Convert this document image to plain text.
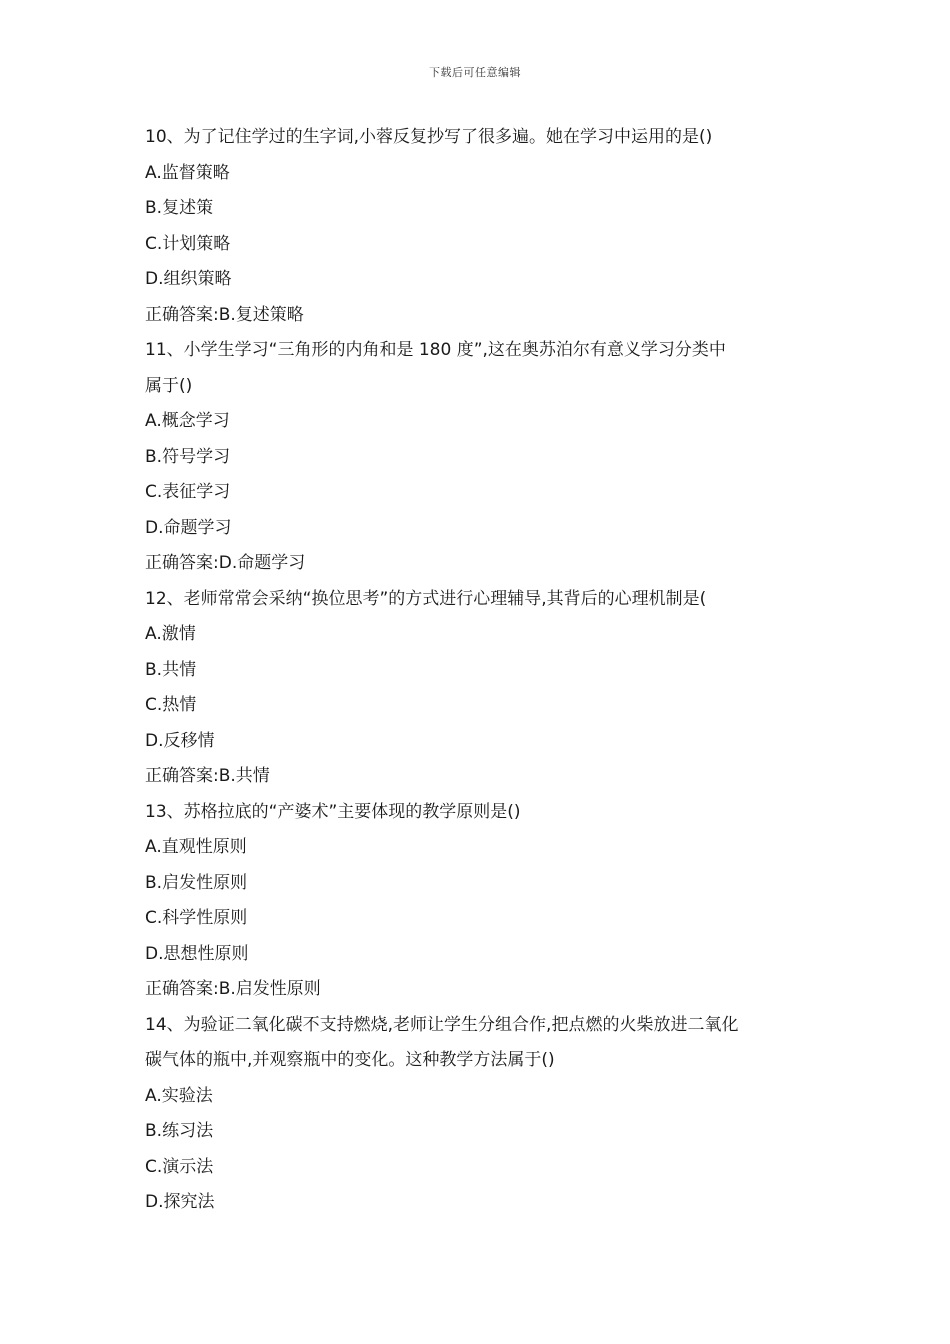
下载后可任意编辑

10、为了记住学过的生字词,小蓉反复抄写了很多遍。她在学习中运用的是()

A.监督策略

B.复述策

C.计划策略

D.组织策略

正确答案:B.复述策略

11、小学生学习“三角形的内角和是 180 度”,这在奥苏泊尔有意义学习分类中

属于()

A.概念学习

B.符号学习

C.表征学习

D.命题学习

正确答案:D.命题学习

12、老师常常会采纳“换位思考”的方式进行心理辅导,其背后的心理机制是(

A.激情

B.共情

C.热情

D.反移情

正确答案:B.共情

13、苏格拉底的“产婆术”主要体现的教学原则是()

A.直观性原则

B.启发性原则

C.科学性原则

D.思想性原则

正确答案:B.启发性原则

14、为验证二氧化碳不支持燃烧,老师让学生分组合作,把点燃的火柴放进二氧化

碳气体的瓶中,并观察瓶中的变化。这种教学方法属于()

A.实验法

B.练习法

C.演示法

D.探究法
